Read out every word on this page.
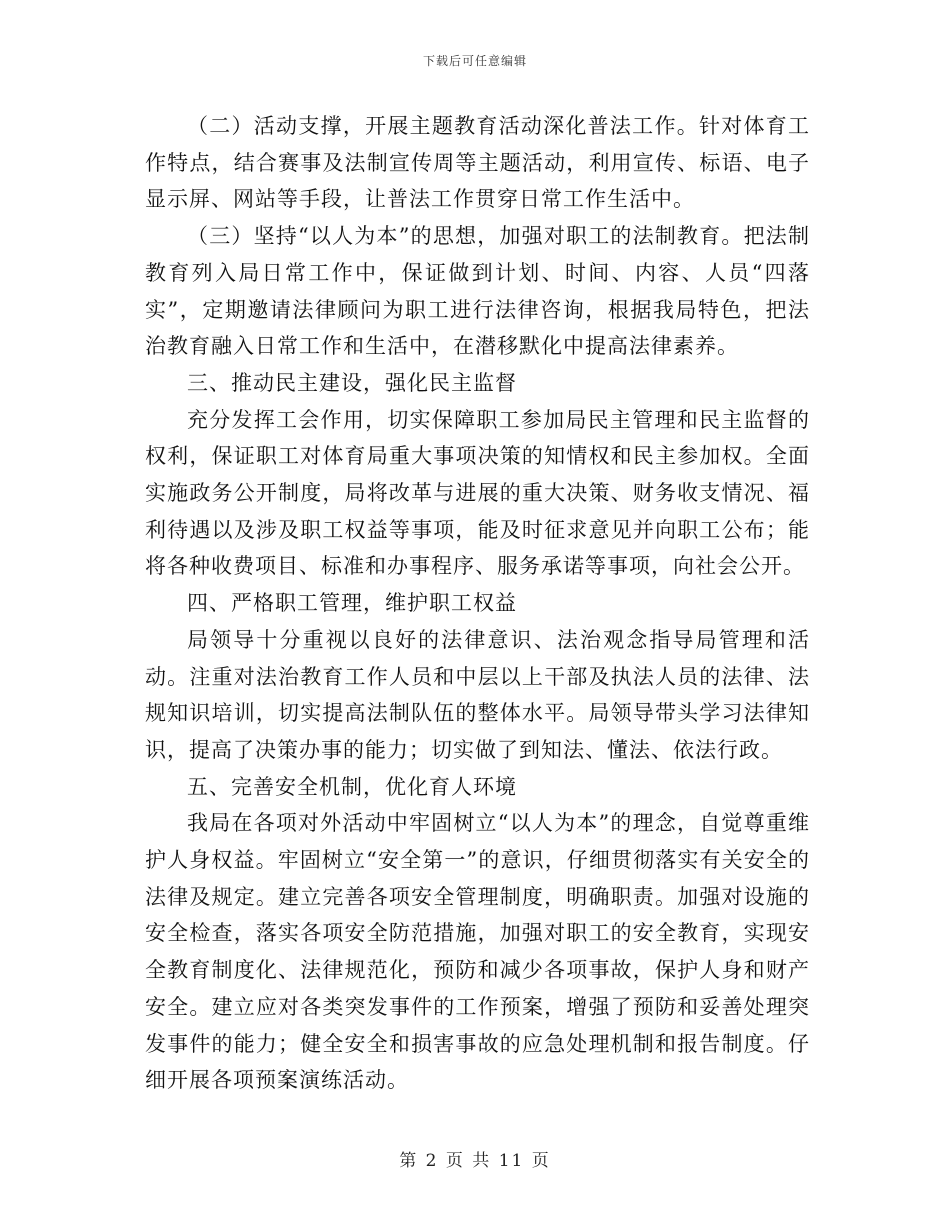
下载后可任意编辑

（二）活动支撑，开展主题教育活动深化普法工作。针对体育工作特点，结合赛事及法制宣传周等主题活动，利用宣传、标语、电子显示屏、网站等手段，让普法工作贯穿日常工作生活中。

（三）坚持“以人为本”的思想，加强对职工的法制教育。把法制教育列入局日常工作中，保证做到计划、时间、内容、人员“四落实”，定期邀请法律顾问为职工进行法律咨询，根据我局特色，把法治教育融入日常工作和生活中，在潜移默化中提高法律素养。

三、推动民主建设，强化民主监督

充分发挥工会作用，切实保障职工参加局民主管理和民主监督的权利，保证职工对体育局重大事项决策的知情权和民主参加权。全面实施政务公开制度，局将改革与进展的重大决策、财务收支情况、福利待遇以及涉及职工权益等事项，能及时征求意见并向职工公布；能将各种收费项目、标准和办事程序、服务承诺等事项，向社会公开。

四、严格职工管理，维护职工权益

局领导十分重视以良好的法律意识、法治观念指导局管理和活动。注重对法治教育工作人员和中层以上干部及执法人员的法律、法规知识培训，切实提高法制队伍的整体水平。局领导带头学习法律知识，提高了决策办事的能力；切实做了到知法、懂法、依法行政。

五、完善安全机制，优化育人环境

我局在各项对外活动中牢固树立“以人为本”的理念，自觉尊重维护人身权益。牢固树立“安全第一”的意识，仔细贯彻落实有关安全的法律及规定。建立完善各项安全管理制度，明确职责。加强对设施的安全检查，落实各项安全防范措施，加强对职工的安全教育，实现安全教育制度化、法律规范化，预防和减少各项事故，保护人身和财产安全。建立应对各类突发事件的工作预案，增强了预防和妥善处理突发事件的能力；健全安全和损害事故的应急处理机制和报告制度。仔细开展各项预案演练活动。

第 2 页 共 11 页
